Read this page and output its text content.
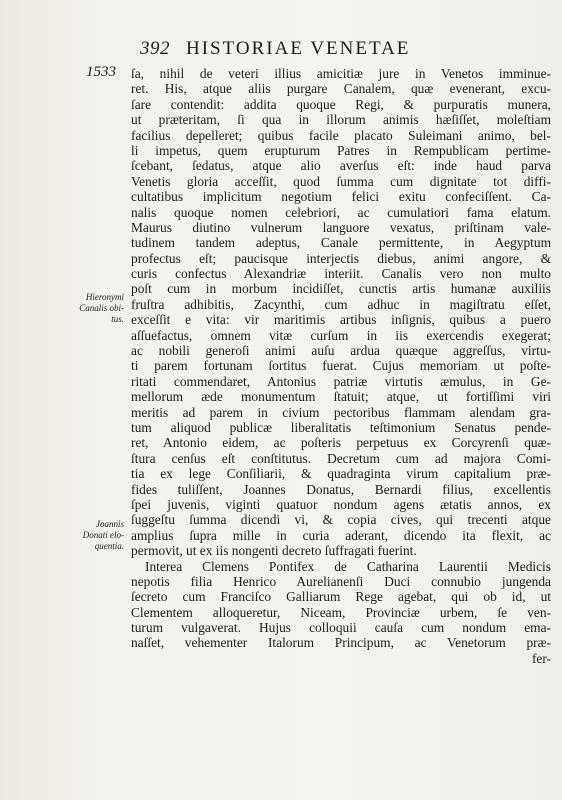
392 HISTORIAE VENETAE
1533
Hieronymi
Canalis obi-
tus.
Joannis
Donati elo-
quentia.
ſa, nihil de veteri illius amicitiæ jure in Venetos imminue-
ret. His, atque aliis purgare Canalem, quæ evenerant, excu-
ſare contendit: addita quoque Regi, & purpuratis munera,
ut præteritam, ſi qua in illorum animis hæſiſſet, moleſtiam
facilius depelleret; quibus facile placato Suleimani animo, bel-
li impetus, quem erupturum Patres in Rempublicam pertime-
ſcebant, ſedatus, atque alio averſus eſt: inde haud parva
Venetis gloria acceſſit, quod ſumma cum dignitate tot diffi-
cultatibus implicitum negotium felici exitu confeciſſent. Ca-
nalis quoque nomen celebriori, ac cumulatiori fama elatum.
Maurus diutino vulnerum languore vexatus, priſtinam vale-
tudinem tandem adeptus, Canale permittente, in Aegyptum
profectus eſt; paucisque interjectis diebus, animi angore, &
curis confectus Alexandriæ interiit. Canalis vero non multo
poſt cum in morbum incidiſſet, cunctis artis humanæ auxiliis
fruſtra adhibitis, Zacynthi, cum adhuc in magiſtratu eſſet,
exceſſit e vita: vir maritimis artibus inſignis, quibus a puero
aſſuefactus, omnem vitæ curſum in iis exercendis exegerat;
ac nobili generoſi animi auſu ardua quæque aggreſſus, virtu-
ti parem fortunam ſortitus fuerat. Cujus memoriam ut poſte-
ritati commendaret, Antonius patriæ virtutis æmulus, in Ge-
mellorum æde monumentum ſtatuit; atque, ut fortiſſimi viri
meritis ad parem in civium pectoribus flammam alendam gra-
tum aliquod publicæ liberalitatis teſtimonium Senatus pende-
ret, Antonio eidem, ac poſteris perpetuus ex Corcyrenſi quæ-
ſtura cenſus eſt conſtitutus. Decretum cum ad majora Comi-
tia ex lege Conſiliarii, & quadraginta virum capitalium præ-
fides tuliſſent, Joannes Donatus, Bernardi filius, excellentis
ſpei juvenis, viginti quatuor nondum agens ætatis annos, ex
ſuggeſtu ſumma dicendi vi, & copia cives, qui trecenti atque
amplius ſupra mille in curia aderant, dicendo ita flexit, ac
permovit, ut ex iis nongenti decreto ſuffragati fuerint.
Interea Clemens Pontifex de Catharina Laurentii Medicis
nepotis filia Henrico Aurelianenſi Duci connubio jungenda
ſecreto cum Franciſco Galliarum Rege agebat, qui ob id, ut
Clementem alloqueretur, Niceam, Provinciæ urbem, ſe ven-
turum vulgaverat. Hujus colloquii cauſa cum nondum ema-
naſſet, vehementer Italorum Principum, ac Venetorum præ-
fer-
